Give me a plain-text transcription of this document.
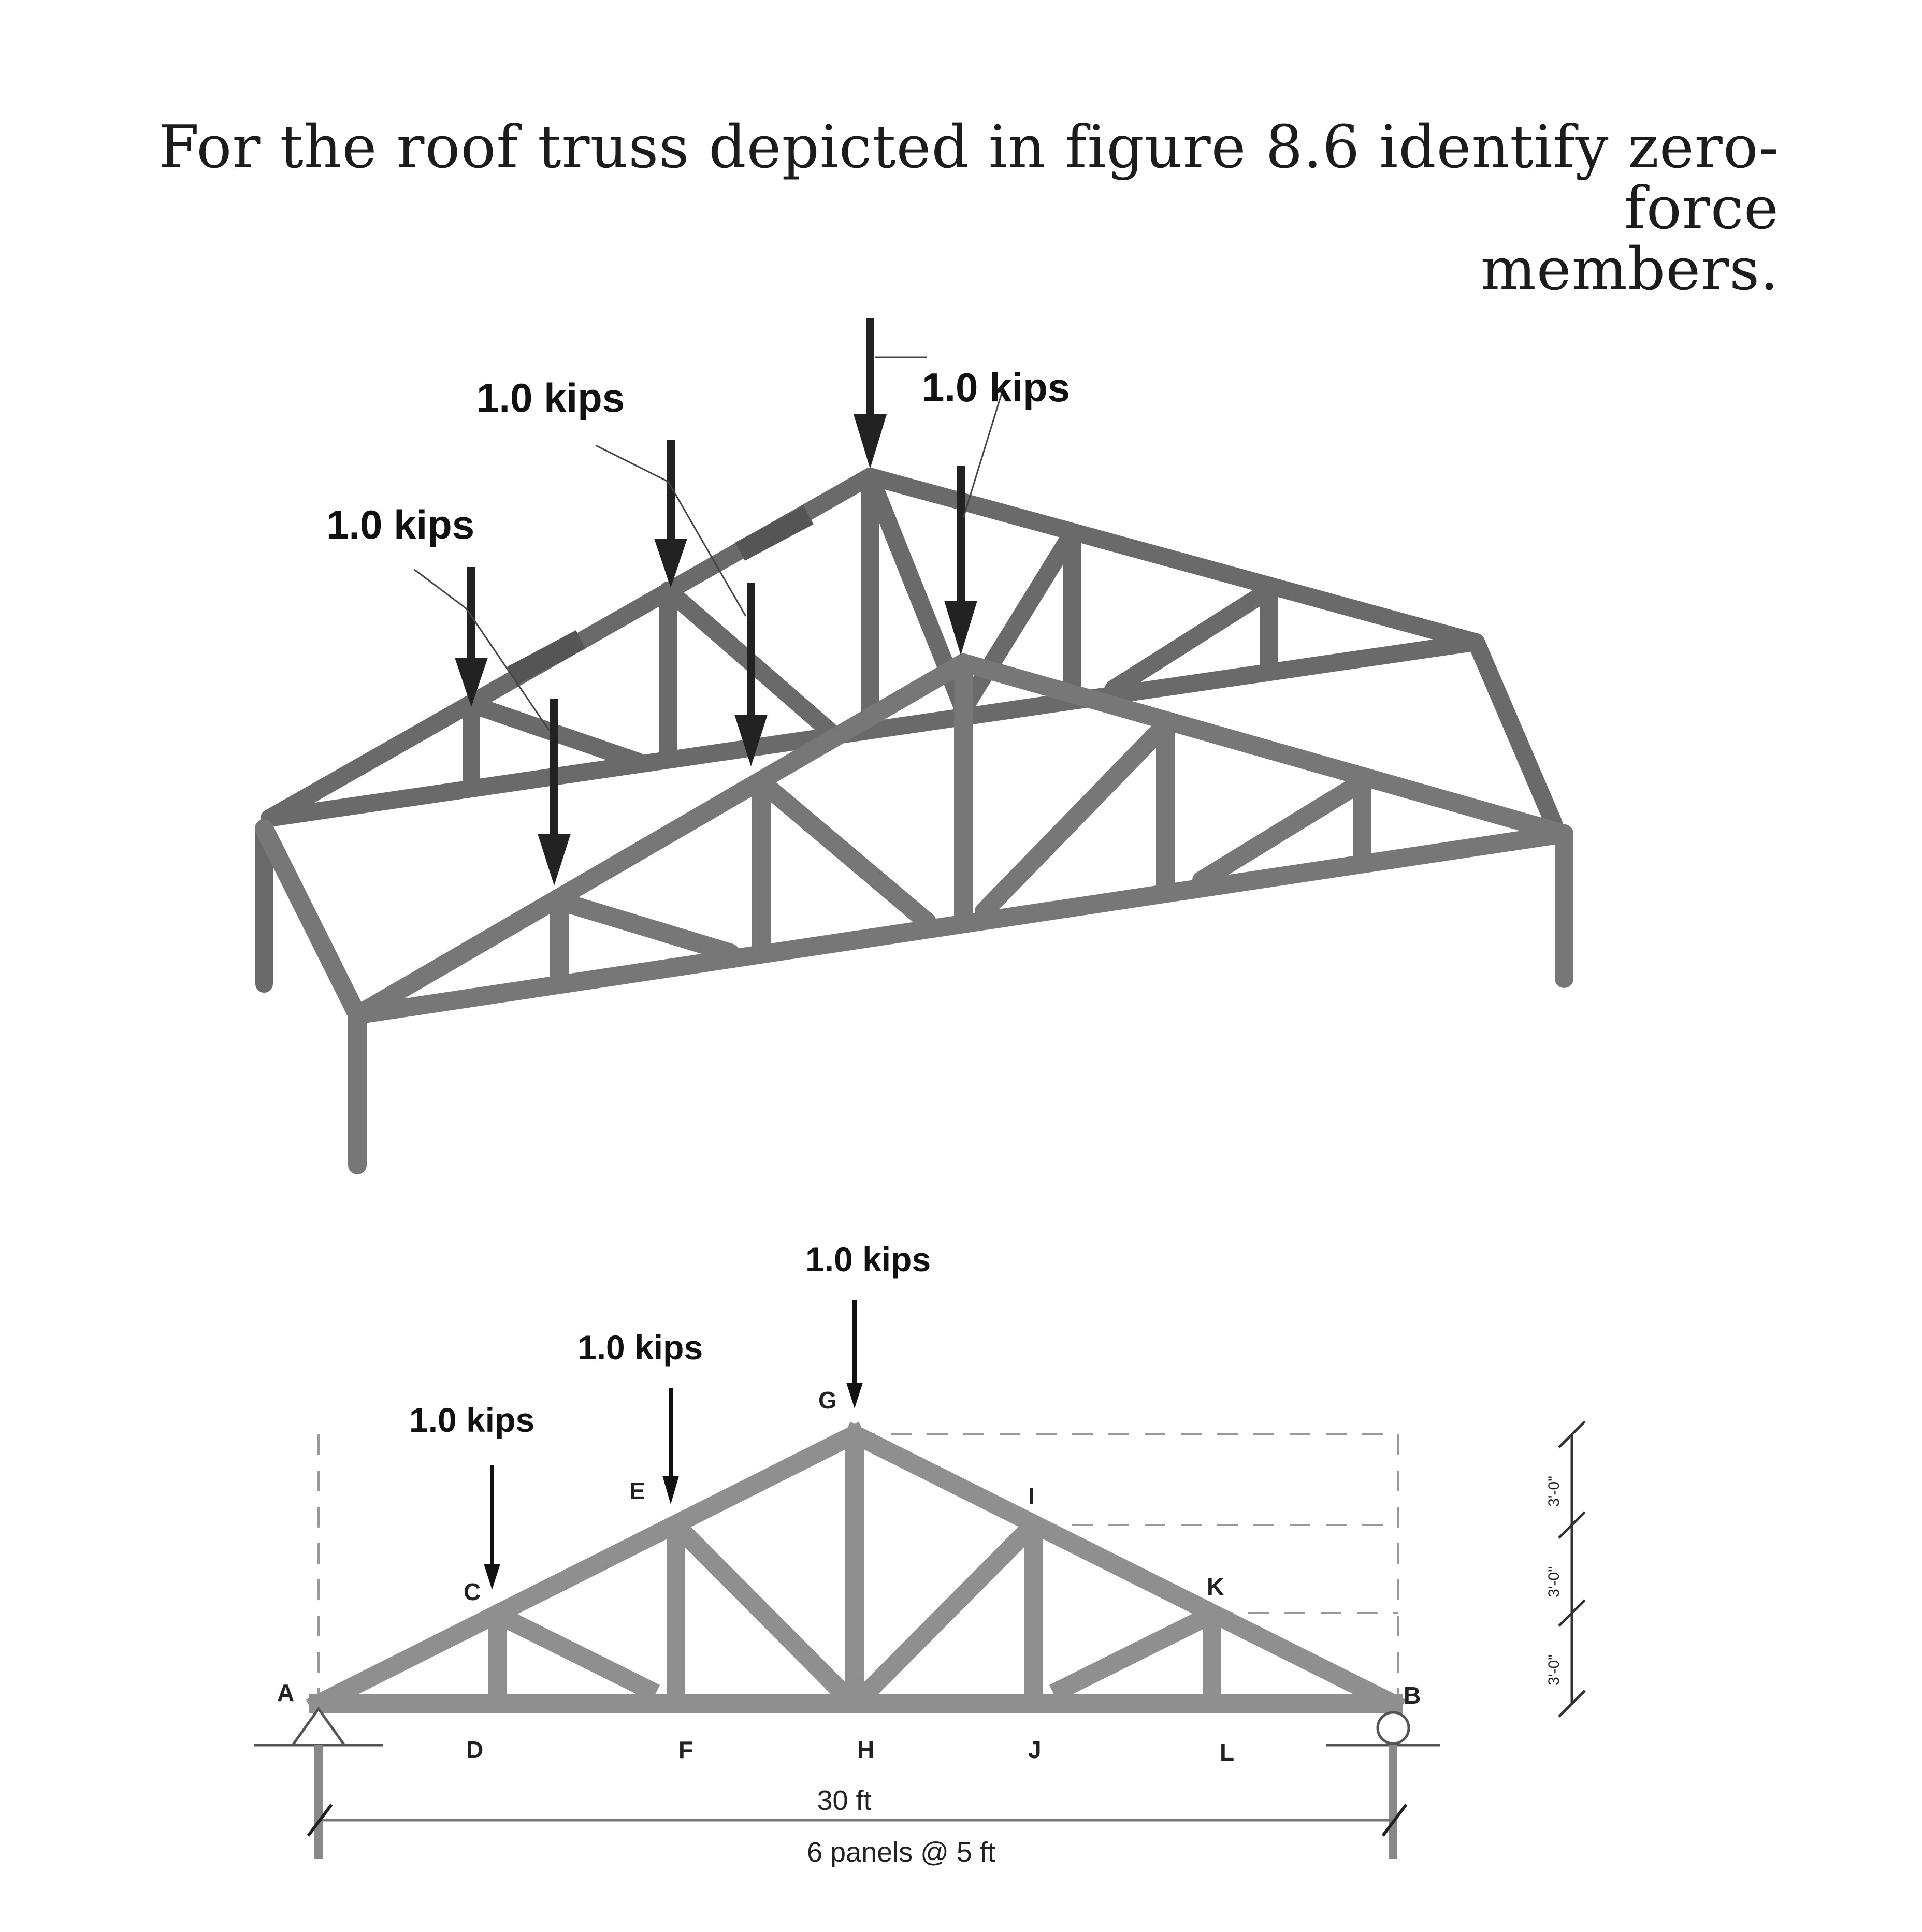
For the roof truss depicted in figure 8.6 identify zero-force
members.
1.0 kips
1.0 kips	1.0 kips
3'-0"
3'-0"
3'-0"
1.0 kips
1.0 kips
1.0 kips
A	B
C
D
E
F
G
H
I
J
K
L
30 ft
6 panels @ 5 ft
